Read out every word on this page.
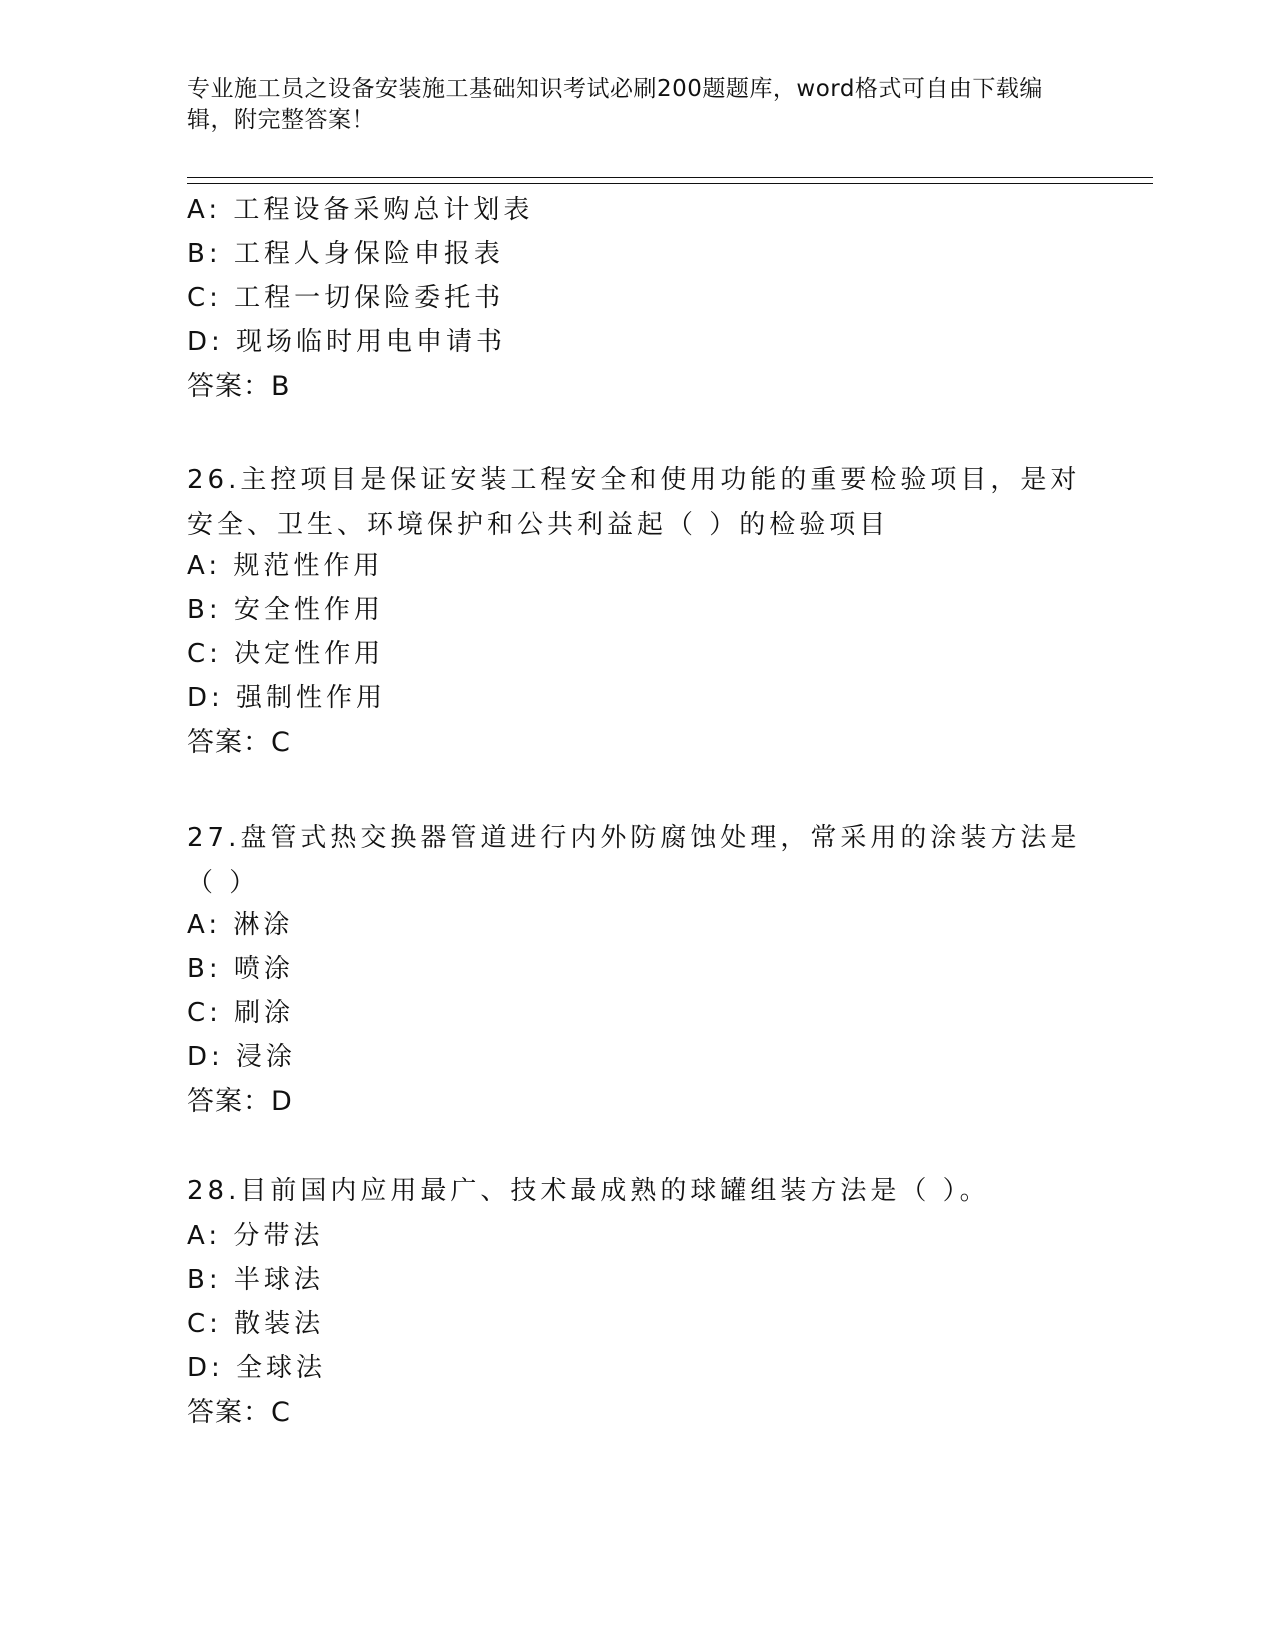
专业施工员之设备安装施工基础知识考试必刷200题题库，word格式可自由下载编辑，附完整答案！
A: 工程设备采购总计划表
B: 工程人身保险申报表
C: 工程一切保险委托书
D: 现场临时用电申请书
答案：B
26.主控项目是保证安装工程安全和使用功能的重要检验项目，是对安全、卫生、环境保护和公共利益起（ ）的检验项目
A: 规范性作用
B: 安全性作用
C: 决定性作用
D: 强制性作用
答案：C
27.盘管式热交换器管道进行内外防腐蚀处理，常采用的涂装方法是（ ）
A: 淋涂
B: 喷涂
C: 刷涂
D: 浸涂
答案：D
28.目前国内应用最广、技术最成熟的球罐组装方法是（ ）。
A: 分带法
B: 半球法
C: 散装法
D: 全球法
答案：C
